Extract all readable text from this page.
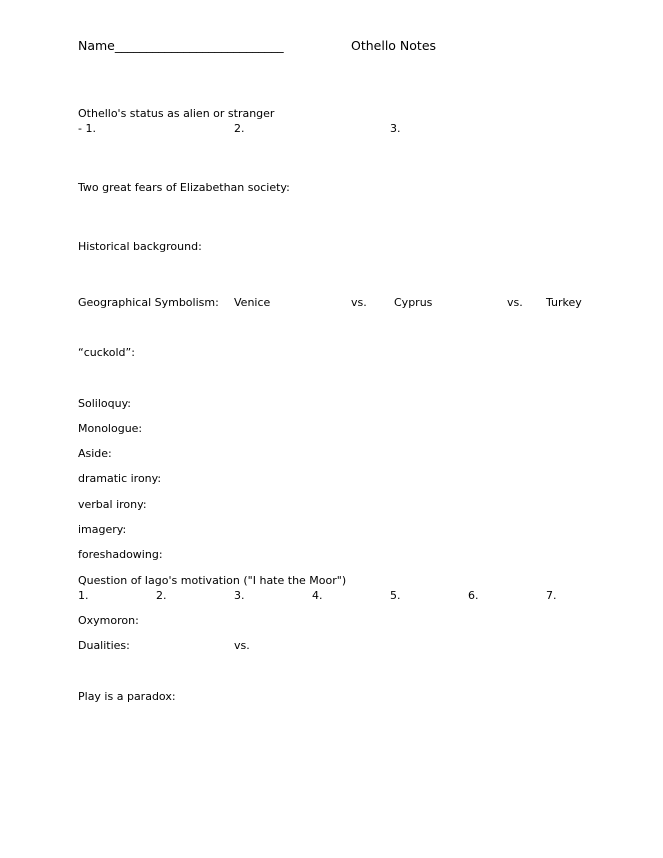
Name___________________________	Othello Notes
Othello's status as alien or stranger
- 1.	2.	3.
Two great fears of Elizabethan society:
Historical background:
Geographical Symbolism: Venice	vs. Cyprus	vs. Turkey
“cuckold”:
Soliloquy:
Monologue:
Aside:
dramatic irony:
verbal irony:
imagery:
foreshadowing:
Question of Iago's motivation ("I hate the Moor")
1.	2.	3.	4.	5.	6.	7.
Oxymoron:
Dualities:	vs.
Play is a paradox:
